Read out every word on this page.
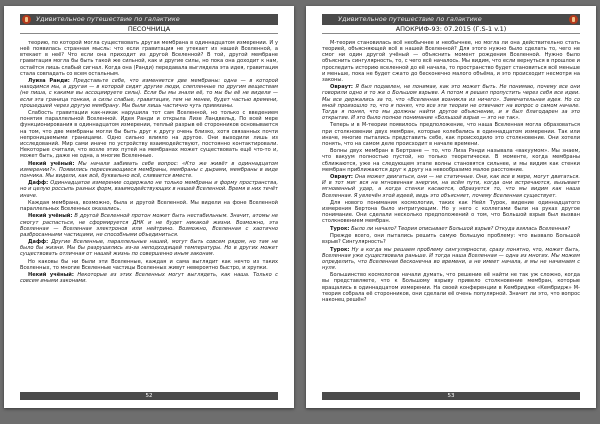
Удивительное путешествие по галактике
ПЕСОЧНИЦА

теорию, по которой могла существовать другая мембрана в одиннадцатом измерении. И у неё появилась странная мысль: что если гравитация не утекает из нашей Вселенной, а втекает в неё? Что если она приходит из другой Вселенной? В той, другой мембране гравитация могла бы быть такой же сильной, как и другие силы, но пока она доходит к нам, остаётся лишь слабый сигнал. Когда она (Ранди) передавала выглядела эта идея, гравитация стала совпадать со всем остальным.

Луиза Ранди: Представьте себе, что изменяется две мембраны: одна — в которой находимся мы, а другая — в которой сидят другие люди, слепленные по другим веществам (не пиша, с какими вы ассоциируете силы). Если бы мы знали её, то мы бы её не видели — если эта граница тонкая, а силы слабые, гравитация, тем не менее, будет частью времени, прошедшей через другую мембрану. Мы были лишь частично чуть привязаны.

Слабость гравитации как-никак нарушила тот сам Вселенной, но только с введением понятия параллельной Вселенной. Идея Ранди и открыла Лизе Ландвельд. По всей мере функционирования в одиннадцатом измерении, теплый разрыв её сторонников основывается на том, что две мембраны могли бы быть друг к другу очень близко, хотя связанных почти непроницаемыми границами. Одно сильно влияло на другое. Они выходили лишь из исследований. Мир сами иначе по устройству взаимодействуют, постоянно контактировали. Некоторые считали, что возле этих путей на мембранах может существовать ещё что-то и, может быть, даже не одна, а многие Вселенные.

Некий учёный: Мы начали забивать себе вопрос: «Кто же живёт в одиннадцатом измерении?». Появились пересекающиеся мембраны, мембраны с дырами, мембраны в виде пончика. Мы видели, как всё, буквально всё, сливается вместе.

Дафф: Одиннадцатое измерение содержало не только мембраны и форму пространства, но и целую россыпь разных форм, взаимодействующих в нашей Вселенной. Время в них течёт иначе.

Каждая мембрана, возможно, была и другой Вселенной. Мы видели на фоне Вселенной параллельных Вселенных оказались.

Некий учёный: В другой Вселенной протон может быть нестабильным. Значит, атомы не смогут распасться, не сформируется ДНК и не будет никакой жизни. Возможно, эта Вселенная — Вселенная электронов или нейтрино. Возможно, Вселенная с хаотично разбросанными частицами, не способными объединиться.

Дафф: Другие Вселенные, параллельные нашей, могут быть совсем рядом, но там не было бы жизни. Мы бы разрушились из-за неподходящей температуры. Но в других может существовать отличная от нашей жизнь по совершенно иным законам.

Но каковы бы ни были эти Вселенные, каждая и сама выглядит как нечто из таких Вселенных, то многие Вселенные частицы Вселенных живут невероятно быстро, и хрупки.

Некий учёный: Некоторые из этих Вселенных могут выглядеть, как наша. Только с совсем иными законами.

52
Удивительное путешествие по галактике
АПОКРИФ-93: 07.2015 (Г.S-1 v.1)

М-теория становилась всё необычнее и необычнее, но могла ли она действительно стать теорией, объясняющей всё в нашей Вселенной? Для этого нужно было сделать то, чего не смог ни один другой учёный — объяснить момент рождения Вселенной. Нужно было объяснить сингулярность, то, с чего всё началось. Мы видим, что если вернуться в прошлое и проследить историю вселенной до её начала, то пространство будет становиться всё меньше и меньше, пока не будет сжато до бесконечно малого объёма, и это происходит несмотря на законы.

Овраут: Я был подавлен, не понимая, как это может быть. Не понимаю, почему все они говорили одно и то же о Большом взрыве. А потом я решил пропустить через себя все идеи. Мы все держались за то, что «Вселенная возникла из ничего». Замечательная идея. Но со мной произошло то, что я понял, что все эти теории не отвечают на вопрос о самом начале. Тогда я понял, что мы должны найти другое объяснение, и я был благодарен за это открытие. И это было полное понимание «Большой взрыв — это не так».

Теперь и в М-теории появилось предположение, что наша Вселенная могла образоваться при столкновении двух мембран, которые колебались в одиннадцатом измерении. Так или иначе, многие пытались представить себе, как происходило это столкновение. Они хотели понять, что на самом деле происходит в начале времени.

Волны двух мембран в Бертране — то, что Лиза Рэнди называла «вакуумом». Мы знаем, что вакуум полностью пустой, но только теоретически. В моменте, когда мембраны сближаются, уже на следующем этапе волны становятся сильнее, и мы видим как стенки мембран приближаются друг к другу на невообразимо малое расстояние.

Овраут: Она может двигаться, они — не статичные. Они, как все в мире, могут двигаться. И в тот миг вся на мгновенная энергия, на всём пути, когда они встречаются, вызывает мгновенный удар, а когда стенки касаются, образуется то, что мы видим как наша Вселенная. Я увлечён этой идеей, ведь это объясняет, почему Вселенная существует.

Для нового понимания космологии, таких как Нейл Турок, видение одиннадцатого измерения Бертона было интригующим. Но у него с коллегами были на руках другое понимание. Они сделали несколько предположений о том, что Большой взрыв был вызван столкновением мембран.

Турок: Было ли начало? Теория описывает Большой взрыв? Откуда взялась Вселенная?

Прежде всего, они пытались решить самую большую проблему: что вызвало Большой взрыв? Сингулярность?

Турок: Ну а когда мы решаем проблему сингулярности, сразу понятно, что, может быть, Вселенная уже существовала раньше. И тогда наша Вселенная — одна из многих. Мы можем определить, что Вселенная бесконечна во времени, а не имеет начала, и мы не начинаем с нуля.

Большинство космологов начали думать, что решение её найти не так уж сложно, когда вы представляете, что к Большому взрыву привело столкновение мембран, которые вращались в одиннадцатом измерении. На своей конференции в Кембридже «Кембридж» М-теория собрала её сторонников, они сделали её очень популярной. Значит ли это, что вопрос наконец решён?

53
